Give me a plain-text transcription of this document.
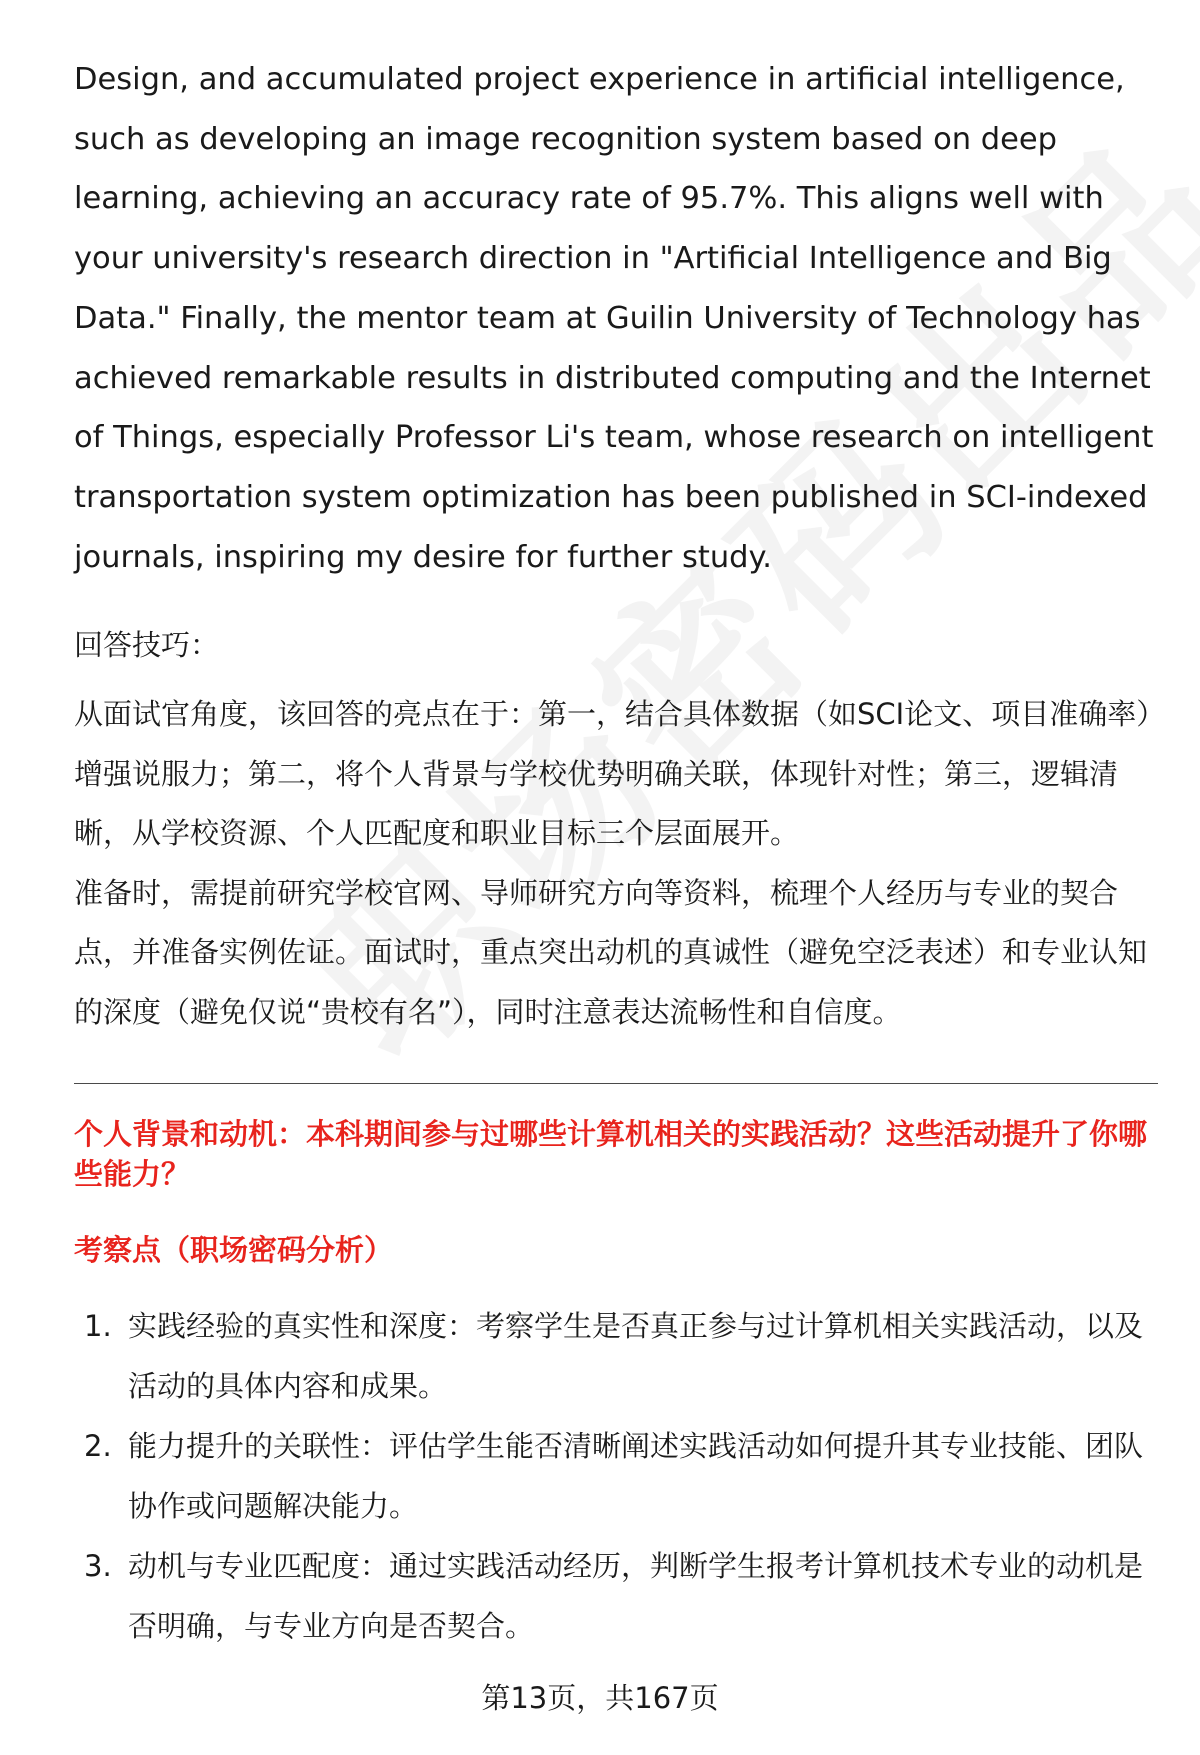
Design, and accumulated project experience in artificial intelligence, such as developing an image recognition system based on deep learning, achieving an accuracy rate of 95.7%. This aligns well with your university's research direction in "Artificial Intelligence and Big Data." Finally, the mentor team at Guilin University of Technology has achieved remarkable results in distributed computing and the Internet of Things, especially Professor Li's team, whose research on intelligent transportation system optimization has been published in SCI-indexed journals, inspiring my desire for further study.

回答技巧：

从面试官角度，该回答的亮点在于：第一，结合具体数据（如SCI论文、项目准确率）增强说服力；第二，将个人背景与学校优势明确关联，体现针对性；第三，逻辑清晰，从学校资源、个人匹配度和职业目标三个层面展开。
准备时，需提前研究学校官网、导师研究方向等资料，梳理个人经历与专业的契合点，并准备实例佐证。面试时，重点突出动机的真诚性（避免空泛表述）和专业认知的深度（避免仅说“贵校有名”），同时注意表达流畅性和自信度。

个人背景和动机：本科期间参与过哪些计算机相关的实践活动？这些活动提升了你哪些能力？

考察点（职场密码分析）

1. 实践经验的真实性和深度：考察学生是否真正参与过计算机相关实践活动，以及活动的具体内容和成果。
2. 能力提升的关联性：评估学生能否清晰阐述实践活动如何提升其专业技能、团队协作或问题解决能力。
3. 动机与专业匹配度：通过实践活动经历，判断学生报考计算机技术专业的动机是否明确，与专业方向是否契合。

第13页，共167页
